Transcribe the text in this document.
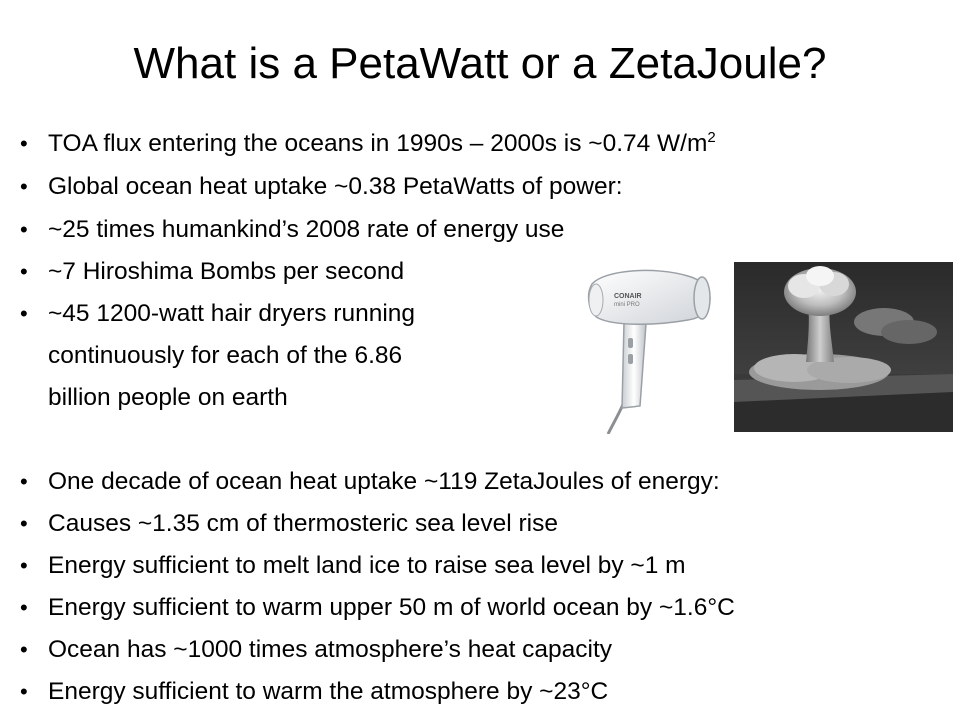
What is a PetaWatt or a ZetaJoule?
• TOA flux entering the oceans in 1990s – 2000s is ~0.74 $W/m^2$
• Global ocean heat uptake ~0.38 PetaWatts of power:
• ~25 times humankind’s 2008 rate of energy use
• ~7 Hiroshima Bombs per second
• ~45 1200-watt hair dryers running
continuously for each of the 6.86
billion people on earth
• One decade of ocean heat uptake ~119 ZetaJoules of energy:
• Causes ~1.35 cm of thermosteric sea level rise
• Energy sufficient to melt land ice to raise sea level by ~1 m
• Energy sufficient to warm upper 50 m of world ocean by ~1.6°C
• Ocean has ~1000 times atmosphere’s heat capacity
• Energy sufficient to warm the atmosphere by ~23°C
CONAIR
mini PRO
